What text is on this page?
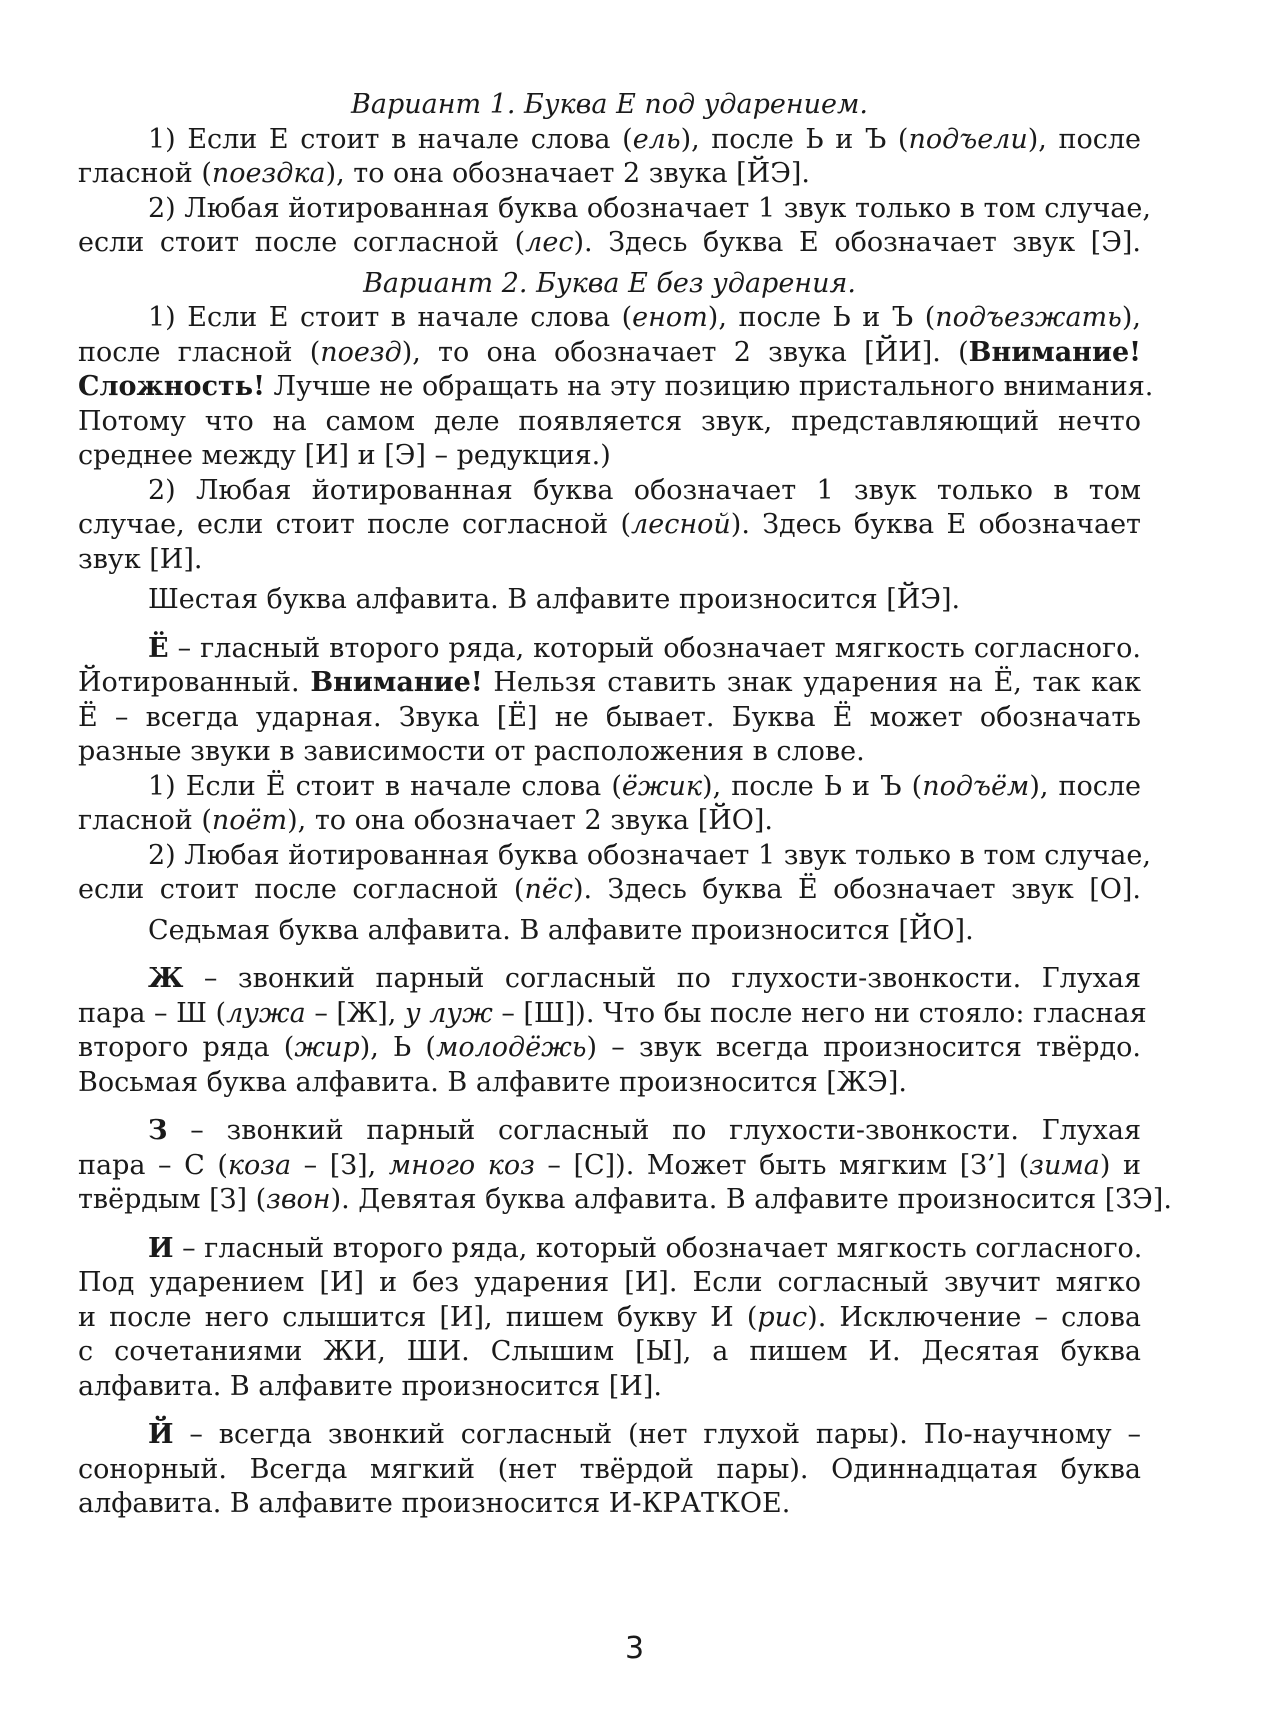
Вариант 1. Буква Е под ударением.
1) Если Е стоит в начале слова (ель), после Ь и Ъ (подъели), после
гласной (поездка), то она обозначает 2 звука [ЙЭ].
2) Любая йотированная буква обозначает 1 звук только в том случае,
если стоит после согласной (лес). Здесь буква Е обозначает звук [Э].
Вариант 2. Буква Е без ударения.
1) Если Е стоит в начале слова (енот), после Ь и Ъ (подъезжать),
после гласной (поезд), то она обозначает 2 звука [ЙИ]. (Внимание!
Сложность! Лучше не обращать на эту позицию пристального внимания.
Потому что на самом деле появляется звук, представляющий нечто
среднее между [И] и [Э] – редукция.)
2) Любая йотированная буква обозначает 1 звук только в том
случае, если стоит после согласной (лесной). Здесь буква Е обозначает
звук [И].
Шестая буква алфавита. В алфавите произносится [ЙЭ].
Ё – гласный второго ряда, который обозначает мягкость согласного.
Йотированный. Внимание! Нельзя ставить знак ударения на Ё, так как
Ё – всегда ударная. Звука [Ё] не бывает. Буква Ё может обозначать
разные звуки в зависимости от расположения в слове.
1) Если Ё стоит в начале слова (ёжик), после Ь и Ъ (подъём), после
гласной (поёт), то она обозначает 2 звука [ЙО].
2) Любая йотированная буква обозначает 1 звук только в том случае,
если стоит после согласной (пёс). Здесь буква Ё обозначает звук [О].
Седьмая буква алфавита. В алфавите произносится [ЙО].
Ж – звонкий парный согласный по глухости-звонкости. Глухая
пара – Ш (лужа – [Ж], у луж – [Ш]). Что бы после него ни стояло: гласная
второго ряда (жир), Ь (молодёжь) – звук всегда произносится твёрдо.
Восьмая буква алфавита. В алфавите произносится [ЖЭ].
З – звонкий парный согласный по глухости-звонкости. Глухая
пара – С (коза – [З], много коз – [С]). Может быть мягким [З’] (зима) и
твёрдым [З] (звон). Девятая буква алфавита. В алфавите произносится [ЗЭ].
И – гласный второго ряда, который обозначает мягкость согласного.
Под ударением [И] и без ударения [И]. Если согласный звучит мягко
и после него слышится [И], пишем букву И (рис). Исключение – слова
с сочетаниями ЖИ, ШИ. Слышим [Ы], а пишем И. Десятая буква
алфавита. В алфавите произносится [И].
Й – всегда звонкий согласный (нет глухой пары). По-научному –
сонорный. Всегда мягкий (нет твёрдой пары). Одиннадцатая буква
алфавита. В алфавите произносится И-КРАТКОЕ.
3
